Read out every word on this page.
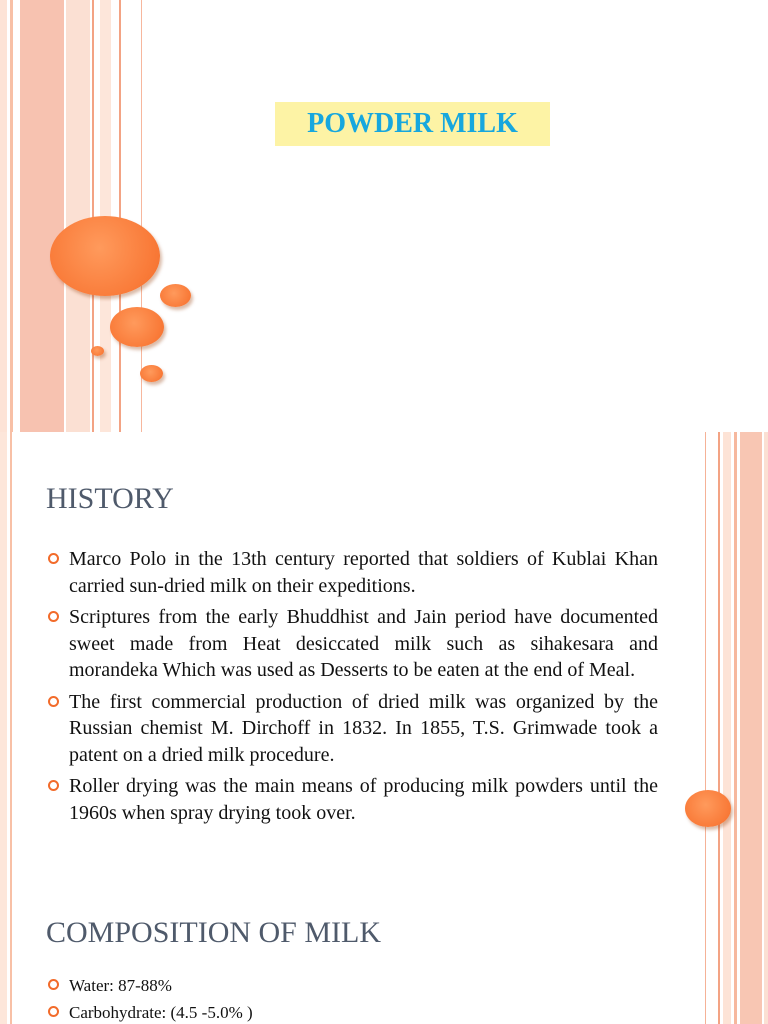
POWDER MILK
HISTORY
Marco Polo in the 13th century reported that soldiers of Kublai Khan carried sun-dried milk on their expeditions.
Scriptures from the early Bhuddhist and Jain period have documented sweet made from Heat desiccated milk such as sihakesara and morandeka Which was used as Desserts to be eaten at the end of Meal.
The first commercial production of dried milk was organized by the Russian chemist M. Dirchoff in 1832. In 1855, T.S. Grimwade took a patent on a dried milk procedure.
Roller drying was the main means of producing milk powders until the 1960s when spray drying took over.
COMPOSITION OF MILK
Water: 87-88%
Carbohydrate: (4.5 -5.0% )
